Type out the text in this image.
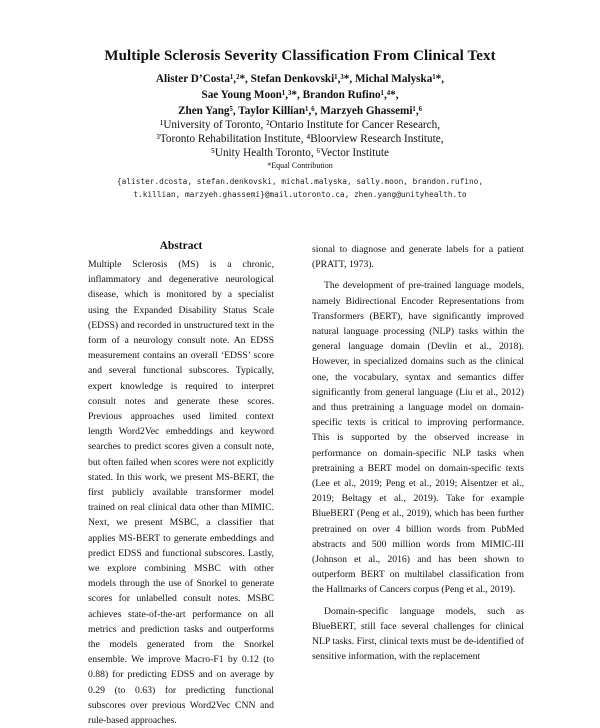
Multiple Sclerosis Severity Classification From Clinical Text
Alister D’Costa¹,²*, Stefan Denkovski¹,³*, Michal Malyska¹*,
Sae Young Moon¹,³*, Brandon Rufino¹,⁴*,
Zhen Yang⁵, Taylor Killian¹,⁶, Marzyeh Ghassemi¹,⁶
¹University of Toronto, ²Ontario Institute for Cancer Research,
³Toronto Rehabilitation Institute, ⁴Bloorview Research Institute,
⁵Unity Health Toronto, ⁶Vector Institute
*Equal Contribution
{alister.dcosta, stefan.denkovski, michal.malyska, sally.moon, brandon.rufino,
t.killian, marzyeh.ghassemi}@mail.utoronto.ca, zhen.yang@unityhealth.to
Abstract

Multiple Sclerosis (MS) is a chronic, inflammatory and degenerative neurological disease, which is monitored by a specialist using the Expanded Disability Status Scale (EDSS) and recorded in unstructured text in the form of a neurology consult note. An EDSS measurement contains an overall ‘EDSS’ score and several functional subscores. Typically, expert knowledge is required to interpret consult notes and generate these scores. Previous approaches used limited context length Word2Vec embeddings and keyword searches to predict scores given a consult note, but often failed when scores were not explicitly stated. In this work, we present MS-BERT, the first publicly available transformer model trained on real clinical data other than MIMIC. Next, we present MSBC, a classifier that applies MS-BERT to generate embeddings and predict EDSS and functional subscores. Lastly, we explore combining MSBC with other models through the use of Snorkel to generate scores for unlabelled consult notes. MSBC achieves state-of-the-art performance on all metrics and prediction tasks and outperforms the models generated from the Snorkel ensemble. We improve Macro-F1 by 0.12 (to 0.88) for predicting EDSS and on average by 0.29 (to 0.63) for predicting functional subscores over previous Word2Vec CNN and rule-based approaches.

sional to diagnose and generate labels for a patient (PRATT, 1973).

The development of pre-trained language models, namely Bidirectional Encoder Representations from Transformers (BERT), have significantly improved natural language processing (NLP) tasks within the general language domain (Devlin et al., 2018). However, in specialized domains such as the clinical one, the vocabulary, syntax and semantics differ significantly from general language (Liu et al., 2012) and thus pretraining a language model on domain-specific texts is critical to improving performance. This is supported by the observed increase in performance on domain-specific NLP tasks when pretraining a BERT model on domain-specific texts (Lee et al., 2019; Peng et al., 2019; Alsentzer et al., 2019; Beltagy et al., 2019). Take for example BlueBERT (Peng et al., 2019), which has been further pretrained on over 4 billion words from PubMed abstracts and 500 million words from MIMIC-III (Johnson et al., 2016) and has been shown to outperform BERT on multilabel classification from the Hallmarks of Cancers corpus (Peng et al., 2019).

Domain-specific language models, such as BlueBERT, still face several challenges for clinical NLP tasks. First, clinical texts must be de-identified of sensitive information, with the replacement
